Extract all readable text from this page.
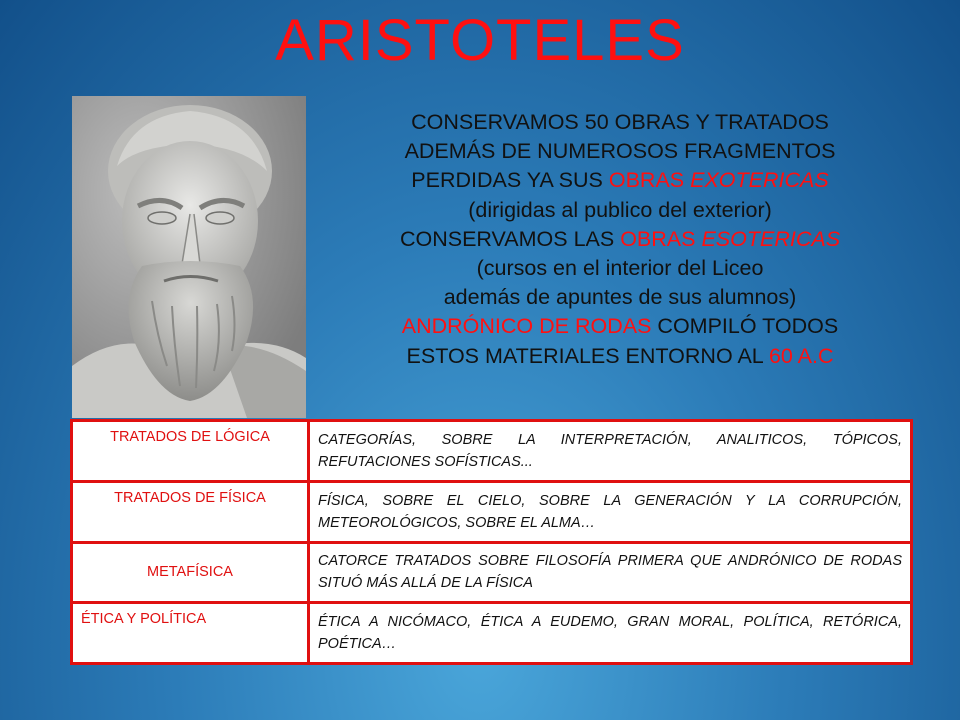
ARISTOTELES
CONSERVAMOS 50 OBRAS Y TRATADOS
ADEMÁS DE NUMEROSOS FRAGMENTOS
PERDIDAS YA SUS OBRAS EXOTERICAS
(dirigidas al publico del exterior)
CONSERVAMOS LAS OBRAS ESOTERICAS
(cursos en el interior del Liceo
además de apuntes de sus alumnos)
ANDRÓNICO DE RODAS COMPILÓ TODOS
ESTOS MATERIALES ENTORNO AL 60 A.C
TRATADOS DE LÓGICA	CATEGORÍAS, SOBRE LA INTERPRETACIÓN, ANALITICOS, TÓPICOS, REFUTACIONES SOFÍSTICAS...
TRATADOS DE FÍSICA	FÍSICA, SOBRE EL CIELO, SOBRE LA GENERACIÓN Y LA CORRUPCIÓN, METEOROLÓGICOS, SOBRE EL ALMA…
METAFÍSICA	CATORCE TRATADOS SOBRE FILOSOFÍA PRIMERA QUE ANDRÓNICO DE RODAS SITUÓ MÁS ALLÁ DE LA FÍSICA
ÉTICA Y POLÍTICA	ÉTICA A NICÓMACO, ÉTICA A EUDEMO, GRAN MORAL, POLÍTICA, RETÓRICA, POÉTICA…
